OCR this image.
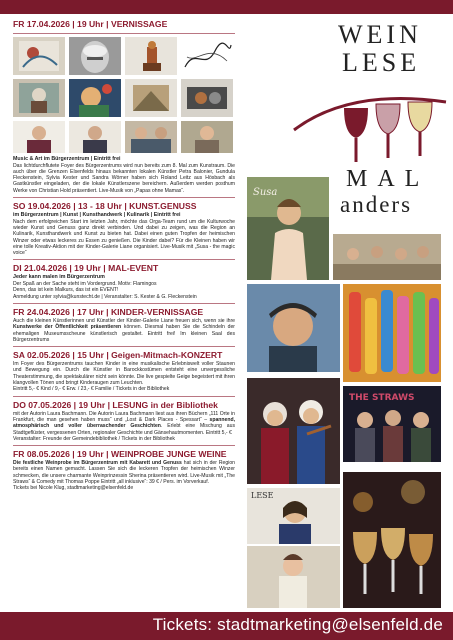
FR 17.04.2026 | 19 Uhr | VERNISSAGE
Music & Art im Bürgerzentrum | Eintritt frei
Das lichtdurchflutete Foyer des Bürgerzentrums wird nun bereits zum 8. Mal zum Kunstraum. Die auch über die Grenzen Elsenfelds hinaus bekannten lokalen Künstler Petra Balonier, Gundula Fleckenstein, Sylvia Kester und Sandra Wörner haben sich Roland Leitz aus Hösbach als Gastkünstler eingeladen, der die lokale Künstlerszene bereichern. Außerdem werden posthum Werke von Christian Hold präsentiert. Live-Musik von „Papas ohne Mamas“.
SO 19.04.2026 | 13 - 18 Uhr | KUNST.GENUSS
im Bürgerzentrum | Kunst | Kunsthandwerk | Kulinarik | Eintritt frei
Nach dem erfolgreichen Start im letzten Jahr, möchte das Orga-Team rund um die Kulturwoche wieder Kunst und Genuss ganz direkt verbinden. Und dabei zu zeigen, was die Region an Kulinarik, Kunsthandwerk und Kunst zu bieten hat. Dabei einen guten Tropfen der heimischen Winzer oder etwas leckeres zu Essen zu genießen. Die Kinder dabei? Für die Kleinen haben wir eine tolle Kreativ-Aktion mit der Kinder-Galerie Liane organisiert. Live-Musik mit „Susa - the magic voice“
DI 21.04.2026 | 19 Uhr | MAL-EVENT
Jeder kann malen im Bürgerzentrum
Der Spaß an der Sache steht im Vordergrund. Motiv: Flamingos
Denn, das ist kein Malkurs, das ist ein EVENT!
Anmeldung unter sylvia@kunstecht.de | Veranstalter: S. Kester & G. Fleckenstein
FR 24.04.2026 | 17 Uhr | KINDER-VERNISSAGE
Auch die kleinen Künstlerinnen und Künstler der Kinder-Galerie Liane freuen sich, wenn sie ihre Kunstwerke der Öffentlichkeit präsentieren können. Diesmal haben Sie die Schindeln der ehemaligen Museumsscheune künstlerisch gestaltet. Eintritt frei! Im kleinen Saal des Bürgerzentrums
SA 02.05.2026 | 15 Uhr | Geigen-Mitmach-KONZERT
Im Foyer des Bürgerzentrums tauchen Kinder in eine musikalische Erlebniswelt voller Staunen und Bewegung ein. Durch die Künstler in Barockkostümen entsteht eine unvergessliche Theaterstimmung, die spektakulärer nicht sein könnte. Die live gespielte Geige begeistert mit ihren klangvollen Tönen und bringt Kinderaugen zum Leuchten.
Eintritt 5,- € Kind / 9,- € Erw. / 23,- € Familie / Tickets in der Bibliothek
DO 07.05.2026 | 19 Uhr | LESUNG in der Bibliothek
mit der Autorin Laura Bachmann. Die Autorin Laura Bachmann liest aus ihren Büchern „111 Orte in Frankfurt, die man gesehen haben muss“ und „Lost & Dark Places - Spessart“ – spannend, atmosphärisch und voller überraschender Geschichten. Erlebt eine Mischung aus Stadtgeflüster, vergessenen Orten, regionaler Geschichte und Gänsehautmomenten. Eintritt 5,- €
Veranstalter: Freunde der Gemeindebibliothek / Tickets in der Bibliothek
FR 08.05.2026 | 19 Uhr | WEINPROBE JUNGE WEINE
Die festliche Weinprobe im Bürgerzentrum mit Kabarett und Genuss hat sich in der Region bereits einen Namen gemacht. Lassen Sie sich die leckeren Tropfen der heimischen Winzer schmecken, die unsere charmante Weinprinzessin Sherina präsentieren wird. Live-Musik mit „The Straws“ & Comedy mit Thomas Poppe Eintritt „all inklusive“: 39 € / Pers. im Vorverkauf.
Tickets bei Nicole Klug, stadtmarketing@elsenfeld.de
WEIN
LESE
MAL
anders
Susa
THE STRAWS
LESE
Tickets: stadtmarketing@elsenfeld.de
